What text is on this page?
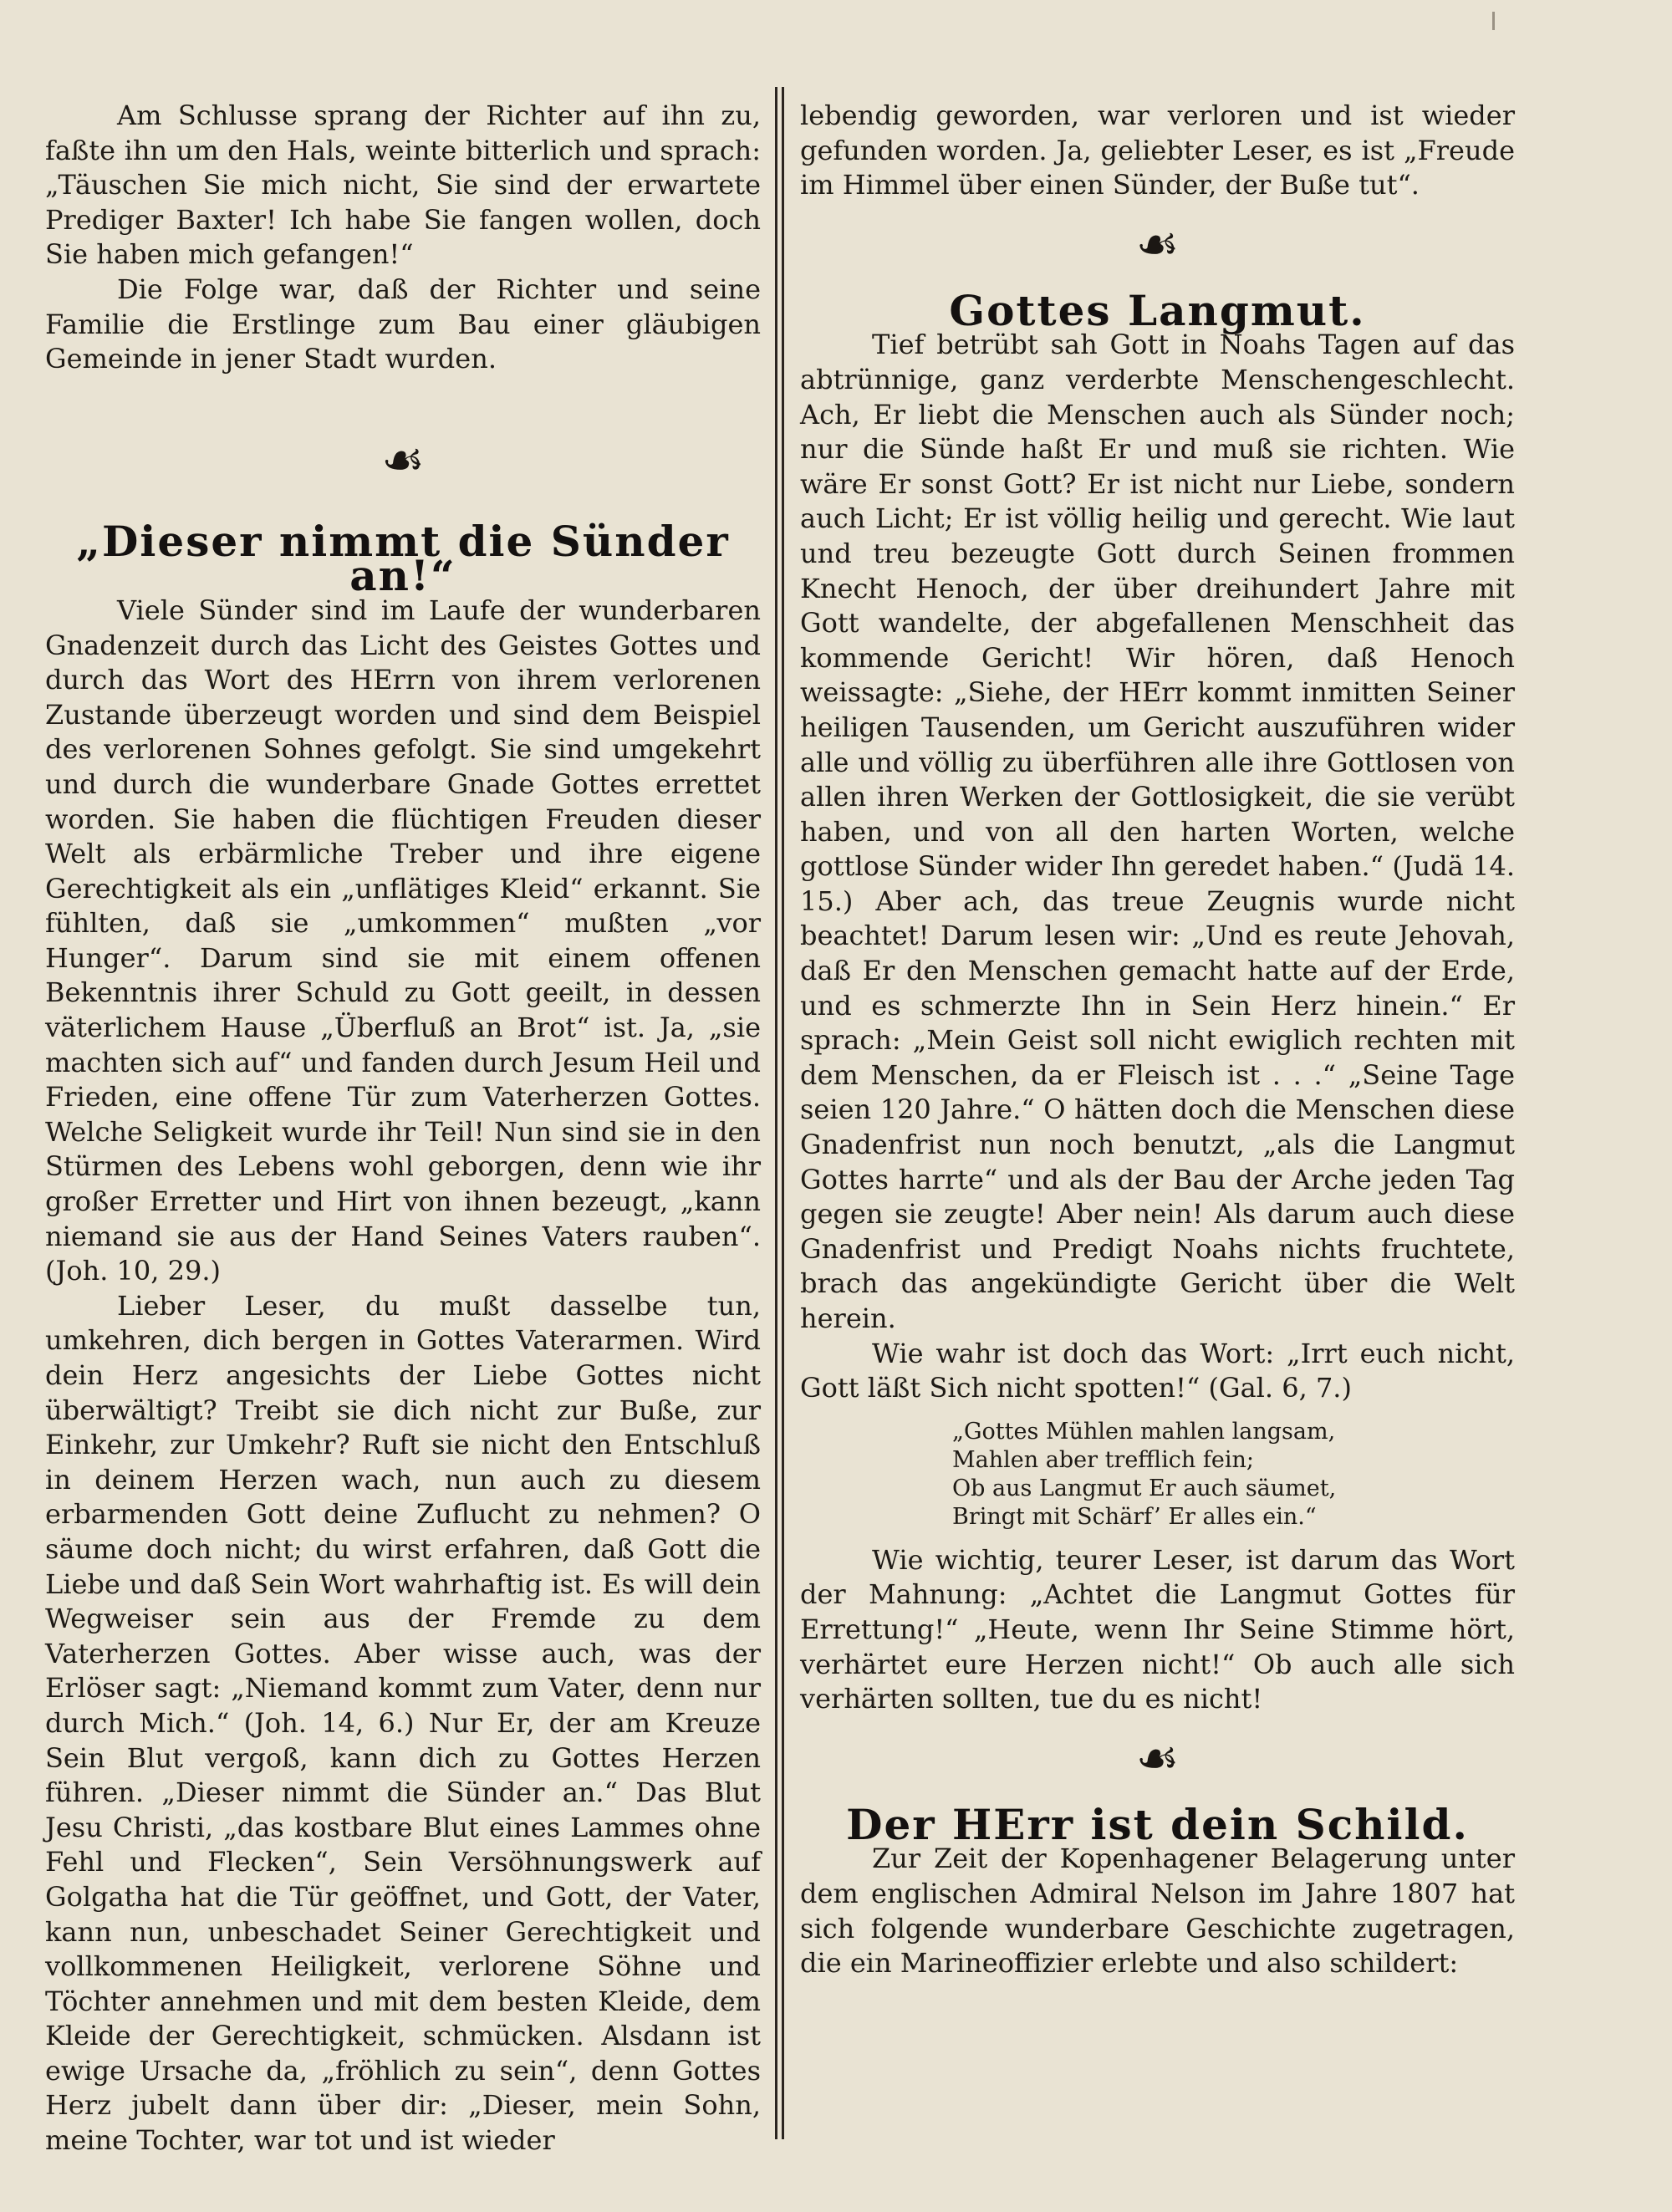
Am Schlusse sprang der Richter auf ihn zu, faßte ihn um den Hals, weinte bitterlich und sprach: „Täuschen Sie mich nicht, Sie sind der erwartete Prediger Baxter! Ich habe Sie fangen wollen, doch Sie haben mich gefangen!“

Die Folge war, daß der Richter und seine Familie die Erstlinge zum Bau einer gläubigen Gemeinde in jener Stadt wurden.

☙
„Dieser nimmt die Sünder an!“

Viele Sünder sind im Laufe der wunderbaren Gnadenzeit durch das Licht des Geistes Gottes und durch das Wort des HErrn von ihrem verlorenen Zustande überzeugt worden und sind dem Beispiel des verlorenen Sohnes gefolgt. Sie sind umgekehrt und durch die wunderbare Gnade Gottes errettet worden. Sie haben die flüchtigen Freuden dieser Welt als erbärmliche Treber und ihre eigene Gerechtigkeit als ein „unflätiges Kleid“ erkannt. Sie fühlten, daß sie „umkommen“ mußten „vor Hunger“. Darum sind sie mit einem offenen Bekenntnis ihrer Schuld zu Gott geeilt, in dessen väterlichem Hause „Überfluß an Brot“ ist. Ja, „sie machten sich auf“ und fanden durch Jesum Heil und Frieden, eine offene Tür zum Vaterherzen Gottes. Welche Seligkeit wurde ihr Teil! Nun sind sie in den Stürmen des Lebens wohl geborgen, denn wie ihr großer Erretter und Hirt von ihnen bezeugt, „kann niemand sie aus der Hand Seines Vaters rauben“. (Joh. 10, 29.)

Lieber Leser, du mußt dasselbe tun, umkehren, dich bergen in Gottes Vaterarmen. Wird dein Herz angesichts der Liebe Gottes nicht überwältigt? Treibt sie dich nicht zur Buße, zur Einkehr, zur Umkehr? Ruft sie nicht den Entschluß in deinem Herzen wach, nun auch zu diesem erbarmenden Gott deine Zuflucht zu nehmen? O säume doch nicht; du wirst erfahren, daß Gott die Liebe und daß Sein Wort wahrhaftig ist. Es will dein Wegweiser sein aus der Fremde zu dem Vaterherzen Gottes. Aber wisse auch, was der Erlöser sagt: „Niemand kommt zum Vater, denn nur durch Mich.“ (Joh. 14, 6.) Nur Er, der am Kreuze Sein Blut vergoß, kann dich zu Gottes Herzen führen. „Dieser nimmt die Sünder an.“ Das Blut Jesu Christi, „das kostbare Blut eines Lammes ohne Fehl und Flecken“, Sein Versöhnungswerk auf Golgatha hat die Tür geöffnet, und Gott, der Vater, kann nun, unbeschadet Seiner Gerechtigkeit und vollkommenen Heiligkeit, verlorene Söhne und Töchter annehmen und mit dem besten Kleide, dem Kleide der Gerechtigkeit, schmücken. Alsdann ist ewige Ursache da, „fröhlich zu sein“, denn Gottes Herz jubelt dann über dir: „Dieser, mein Sohn, meine Tochter, war tot und ist wieder

lebendig geworden, war verloren und ist wieder gefunden worden. Ja, geliebter Leser, es ist „Freude im Himmel über einen Sünder, der Buße tut“.

☙
Gottes Langmut.

Tief betrübt sah Gott in Noahs Tagen auf das abtrünnige, ganz verderbte Menschengeschlecht. Ach, Er liebt die Menschen auch als Sünder noch; nur die Sünde haßt Er und muß sie richten. Wie wäre Er sonst Gott? Er ist nicht nur Liebe, sondern auch Licht; Er ist völlig heilig und gerecht. Wie laut und treu bezeugte Gott durch Seinen frommen Knecht Henoch, der über dreihundert Jahre mit Gott wandelte, der abgefallenen Menschheit das kommende Gericht! Wir hören, daß Henoch weissagte: „Siehe, der HErr kommt inmitten Seiner heiligen Tausenden, um Gericht auszuführen wider alle und völlig zu überführen alle ihre Gottlosen von allen ihren Werken der Gottlosigkeit, die sie verübt haben, und von all den harten Worten, welche gottlose Sünder wider Ihn geredet haben.“ (Judä 14. 15.) Aber ach, das treue Zeugnis wurde nicht beachtet! Darum lesen wir: „Und es reute Jehovah, daß Er den Menschen gemacht hatte auf der Erde, und es schmerzte Ihn in Sein Herz hinein.“ Er sprach: „Mein Geist soll nicht ewiglich rechten mit dem Menschen, da er Fleisch ist . . .“ „Seine Tage seien 120 Jahre.“ O hätten doch die Menschen diese Gnadenfrist nun noch benutzt, „als die Langmut Gottes harrte“ und als der Bau der Arche jeden Tag gegen sie zeugte! Aber nein! Als darum auch diese Gnadenfrist und Predigt Noahs nichts fruchtete, brach das angekündigte Gericht über die Welt herein.

Wie wahr ist doch das Wort: „Irrt euch nicht, Gott läßt Sich nicht spotten!“ (Gal. 6, 7.)

„Gottes Mühlen mahlen langsam,
Mahlen aber trefflich fein;
Ob aus Langmut Er auch säumet,
Bringt mit Schärf’ Er alles ein.“

Wie wichtig, teurer Leser, ist darum das Wort der Mahnung: „Achtet die Langmut Gottes für Errettung!“ „Heute, wenn Ihr Seine Stimme hört, verhärtet eure Herzen nicht!“ Ob auch alle sich verhärten sollten, tue du es nicht!

☙
Der HErr ist dein Schild.

Zur Zeit der Kopenhagener Belagerung unter dem englischen Admiral Nelson im Jahre 1807 hat sich folgende wunderbare Geschichte zugetragen, die ein Marineoffizier erlebte und also schildert:
